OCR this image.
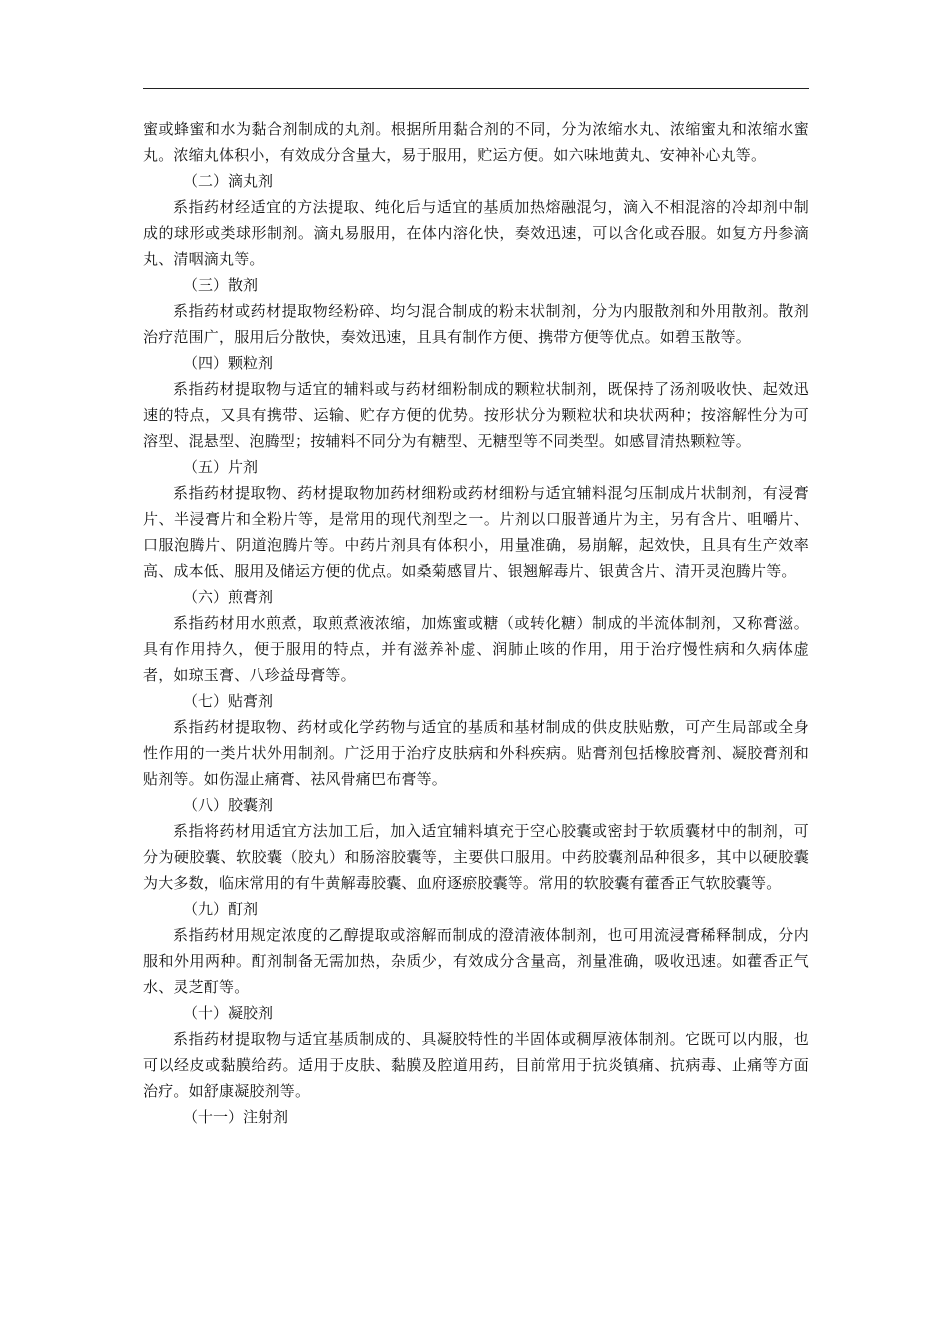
蜜或蜂蜜和水为黏合剂制成的丸剂。根据所用黏合剂的不同，分为浓缩水丸、浓缩蜜丸和浓缩水蜜丸。浓缩丸体积小，有效成分含量大，易于服用，贮运方便。如六味地黄丸、安神补心丸等。

（二）滴丸剂

系指药材经适宜的方法提取、纯化后与适宜的基质加热熔融混匀，滴入不相混溶的冷却剂中制成的球形或类球形制剂。滴丸易服用，在体内溶化快，奏效迅速，可以含化或吞服。如复方丹参滴丸、清咽滴丸等。

（三）散剂

系指药材或药材提取物经粉碎、均匀混合制成的粉末状制剂，分为内服散剂和外用散剂。散剂治疗范围广，服用后分散快，奏效迅速，且具有制作方便、携带方便等优点。如碧玉散等。

（四）颗粒剂

系指药材提取物与适宜的辅料或与药材细粉制成的颗粒状制剂，既保持了汤剂吸收快、起效迅速的特点，又具有携带、运输、贮存方便的优势。按形状分为颗粒状和块状两种；按溶解性分为可溶型、混悬型、泡腾型；按辅料不同分为有糖型、无糖型等不同类型。如感冒清热颗粒等。

（五）片剂

系指药材提取物、药材提取物加药材细粉或药材细粉与适宜辅料混匀压制成片状制剂，有浸膏片、半浸膏片和全粉片等，是常用的现代剂型之一。片剂以口服普通片为主，另有含片、咀嚼片、口服泡腾片、阴道泡腾片等。中药片剂具有体积小，用量准确，易崩解，起效快，且具有生产效率高、成本低、服用及储运方便的优点。如桑菊感冒片、银翘解毒片、银黄含片、清开灵泡腾片等。

（六）煎膏剂

系指药材用水煎煮，取煎煮液浓缩，加炼蜜或糖（或转化糖）制成的半流体制剂，又称膏滋。具有作用持久，便于服用的特点，并有滋养补虚、润肺止咳的作用，用于治疗慢性病和久病体虚者，如琼玉膏、八珍益母膏等。

（七）贴膏剂

系指药材提取物、药材或化学药物与适宜的基质和基材制成的供皮肤贴敷，可产生局部或全身性作用的一类片状外用制剂。广泛用于治疗皮肤病和外科疾病。贴膏剂包括橡胶膏剂、凝胶膏剂和贴剂等。如伤湿止痛膏、祛风骨痛巴布膏等。

（八）胶囊剂

系指将药材用适宜方法加工后，加入适宜辅料填充于空心胶囊或密封于软质囊材中的制剂，可分为硬胶囊、软胶囊（胶丸）和肠溶胶囊等，主要供口服用。中药胶囊剂品种很多，其中以硬胶囊为大多数，临床常用的有牛黄解毒胶囊、血府逐瘀胶囊等。常用的软胶囊有藿香正气软胶囊等。

（九）酊剂

系指药材用规定浓度的乙醇提取或溶解而制成的澄清液体制剂，也可用流浸膏稀释制成，分内服和外用两种。酊剂制备无需加热，杂质少，有效成分含量高，剂量准确，吸收迅速。如藿香正气水、灵芝酊等。

（十）凝胶剂

系指药材提取物与适宜基质制成的、具凝胶特性的半固体或稠厚液体制剂。它既可以内服，也可以经皮或黏膜给药。适用于皮肤、黏膜及腔道用药，目前常用于抗炎镇痛、抗病毒、止痛等方面治疗。如舒康凝胶剂等。

（十一）注射剂
